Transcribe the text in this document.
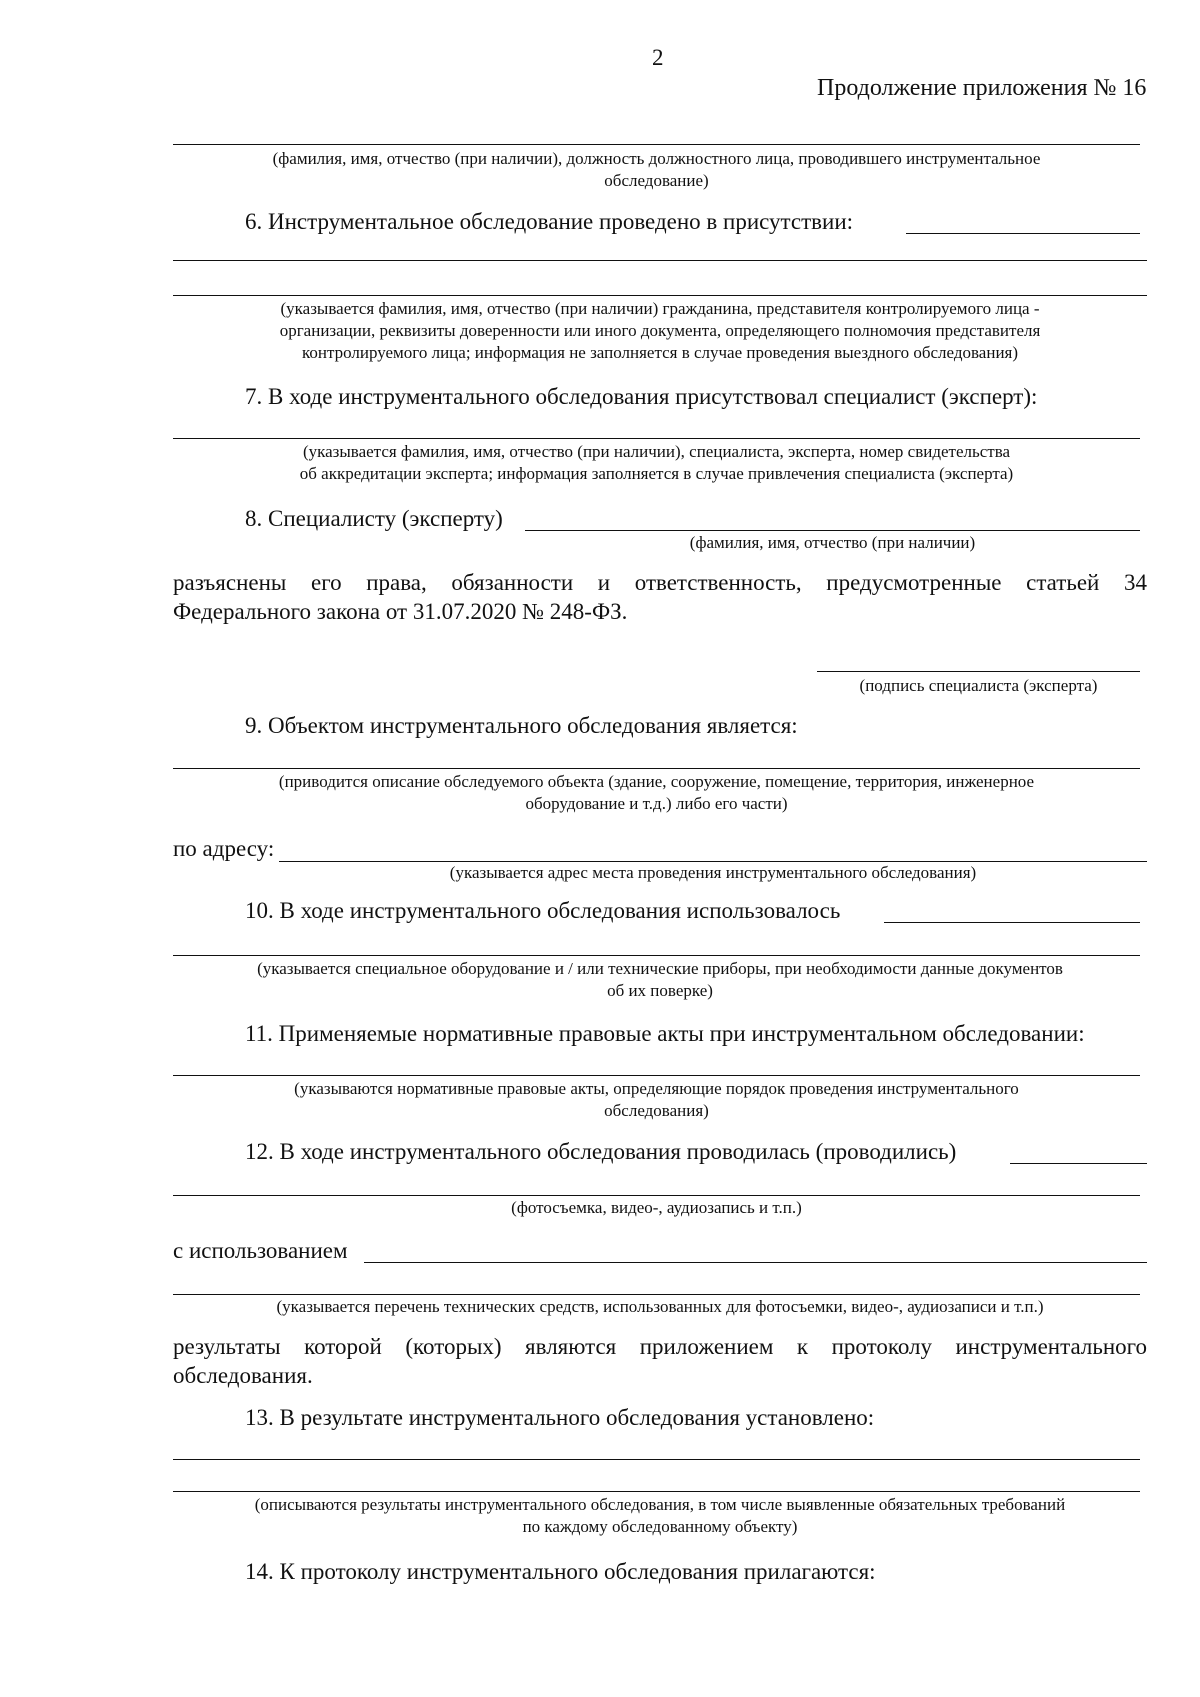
2
Продолжение приложения № 16
(фамилия, имя, отчество (при наличии), должность должностного лица, проводившего инструментальное
обследование)
6. Инструментальное обследование проведено в присутствии:
(указывается фамилия, имя, отчество (при наличии) гражданина, представителя контролируемого лица -
организации, реквизиты доверенности или иного документа, определяющего полномочия представителя
контролируемого лица; информация не заполняется в случае проведения выездного обследования)
7. В ходе инструментального обследования присутствовал специалист (эксперт):
(указывается фамилия, имя, отчество (при наличии), специалиста, эксперта, номер свидетельства
об аккредитации эксперта; информация заполняется в случае привлечения специалиста (эксперта)
8. Специалисту (эксперту)
(фамилия, имя, отчество (при наличии)
разъяснены его права, обязанности и ответственность, предусмотренные статьей 34
Федерального закона от 31.07.2020 № 248-ФЗ.
(подпись специалиста (эксперта)
9. Объектом инструментального обследования является:
(приводится описание обследуемого объекта (здание, сооружение, помещение, территория, инженерное
оборудование и т.д.) либо его части)
по адресу:
(указывается адрес места проведения инструментального обследования)
10. В ходе инструментального обследования использовалось
(указывается специальное оборудование и / или технические приборы, при необходимости данные документов
об их поверке)
11. Применяемые нормативные правовые акты при инструментальном обследовании:
(указываются нормативные правовые акты, определяющие порядок проведения инструментального
обследования)
12. В ходе инструментального обследования проводилась (проводились)
(фотосъемка, видео-, аудиозапись и т.п.)
с использованием
(указывается перечень технических средств, использованных для фотосъемки, видео-, аудиозаписи и т.п.)
результаты которой (которых) являются приложением к протоколу инструментального
обследования.
13. В результате инструментального обследования установлено:
(описываются результаты инструментального обследования, в том числе выявленные обязательных требований
по каждому обследованному объекту)
14. К протоколу инструментального обследования прилагаются:
